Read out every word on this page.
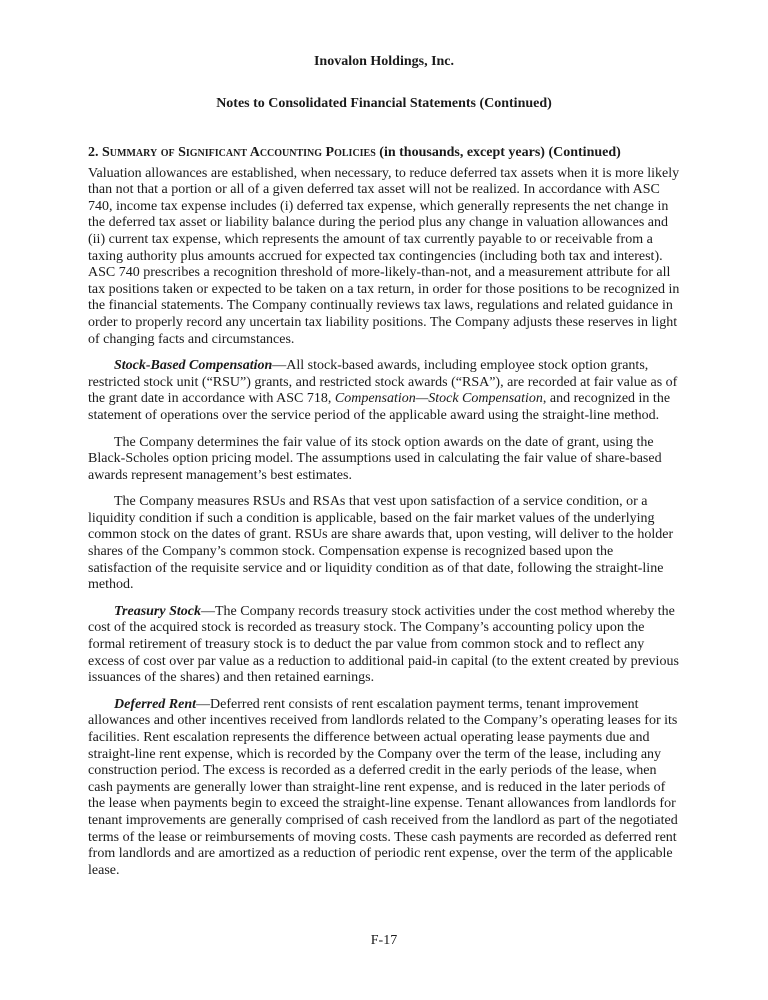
Inovalon Holdings, Inc.
Notes to Consolidated Financial Statements (Continued)
2. Summary of Significant Accounting Policies (in thousands, except years) (Continued)

Valuation allowances are established, when necessary, to reduce deferred tax assets when it is more likely than not that a portion or all of a given deferred tax asset will not be realized. In accordance with ASC 740, income tax expense includes (i) deferred tax expense, which generally represents the net change in the deferred tax asset or liability balance during the period plus any change in valuation allowances and (ii) current tax expense, which represents the amount of tax currently payable to or receivable from a taxing authority plus amounts accrued for expected tax contingencies (including both tax and interest). ASC 740 prescribes a recognition threshold of more-likely-than-not, and a measurement attribute for all tax positions taken or expected to be taken on a tax return, in order for those positions to be recognized in the financial statements. The Company continually reviews tax laws, regulations and related guidance in order to properly record any uncertain tax liability positions. The Company adjusts these reserves in light of changing facts and circumstances.

Stock-Based Compensation—All stock-based awards, including employee stock option grants, restricted stock unit (“RSU”) grants, and restricted stock awards (“RSA”), are recorded at fair value as of the grant date in accordance with ASC 718, Compensation—Stock Compensation, and recognized in the statement of operations over the service period of the applicable award using the straight-line method.

The Company determines the fair value of its stock option awards on the date of grant, using the Black-Scholes option pricing model. The assumptions used in calculating the fair value of share-based awards represent management’s best estimates.

The Company measures RSUs and RSAs that vest upon satisfaction of a service condition, or a liquidity condition if such a condition is applicable, based on the fair market values of the underlying common stock on the dates of grant. RSUs are share awards that, upon vesting, will deliver to the holder shares of the Company’s common stock. Compensation expense is recognized based upon the satisfaction of the requisite service and or liquidity condition as of that date, following the straight-line method.

Treasury Stock—The Company records treasury stock activities under the cost method whereby the cost of the acquired stock is recorded as treasury stock. The Company’s accounting policy upon the formal retirement of treasury stock is to deduct the par value from common stock and to reflect any excess of cost over par value as a reduction to additional paid-in capital (to the extent created by previous issuances of the shares) and then retained earnings.

Deferred Rent—Deferred rent consists of rent escalation payment terms, tenant improvement allowances and other incentives received from landlords related to the Company’s operating leases for its facilities. Rent escalation represents the difference between actual operating lease payments due and straight-line rent expense, which is recorded by the Company over the term of the lease, including any construction period. The excess is recorded as a deferred credit in the early periods of the lease, when cash payments are generally lower than straight-line rent expense, and is reduced in the later periods of the lease when payments begin to exceed the straight-line expense. Tenant allowances from landlords for tenant improvements are generally comprised of cash received from the landlord as part of the negotiated terms of the lease or reimbursements of moving costs. These cash payments are recorded as deferred rent from landlords and are amortized as a reduction of periodic rent expense, over the term of the applicable lease.

F-17
